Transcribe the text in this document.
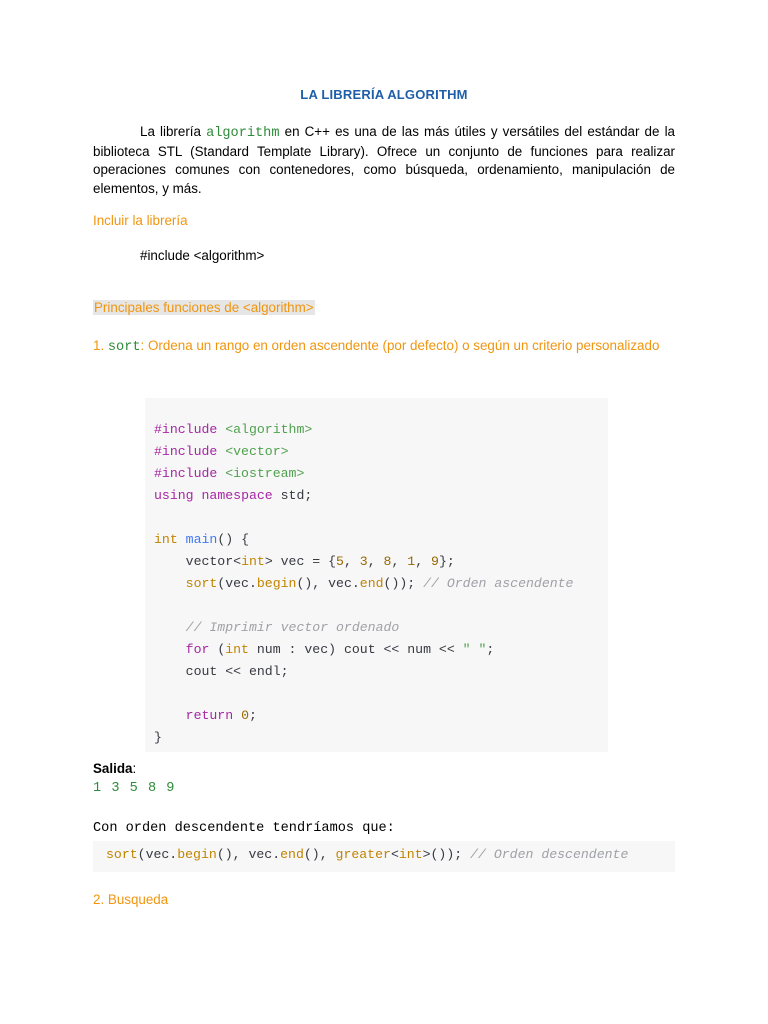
LA LIBRERÍA ALGORITHM
La librería algorithm en C++ es una de las más útiles y versátiles del estándar de la biblioteca STL (Standard Template Library). Ofrece un conjunto de funciones para realizar operaciones comunes con contenedores, como búsqueda, ordenamiento, manipulación de elementos, y más.
Incluir la librería
#include <algorithm>
Principales funciones de <algorithm>
1. sort: Ordena un rango en orden ascendente (por defecto) o según un criterio personalizado
#include <algorithm>
#include <vector>
#include <iostream>
using namespace std;

int main() {
vector<int> vec = {5, 3, 8, 1, 9};
sort(vec.begin(), vec.end()); // Orden ascendente

// Imprimir vector ordenado
for (int num : vec) cout << num << " ";
cout << endl;

return 0;
}
Salida:
1 3 5 8 9
Con orden descendente tendríamos que:
sort(vec.begin(), vec.end(), greater<int>()); // Orden descendente
2. Busqueda
